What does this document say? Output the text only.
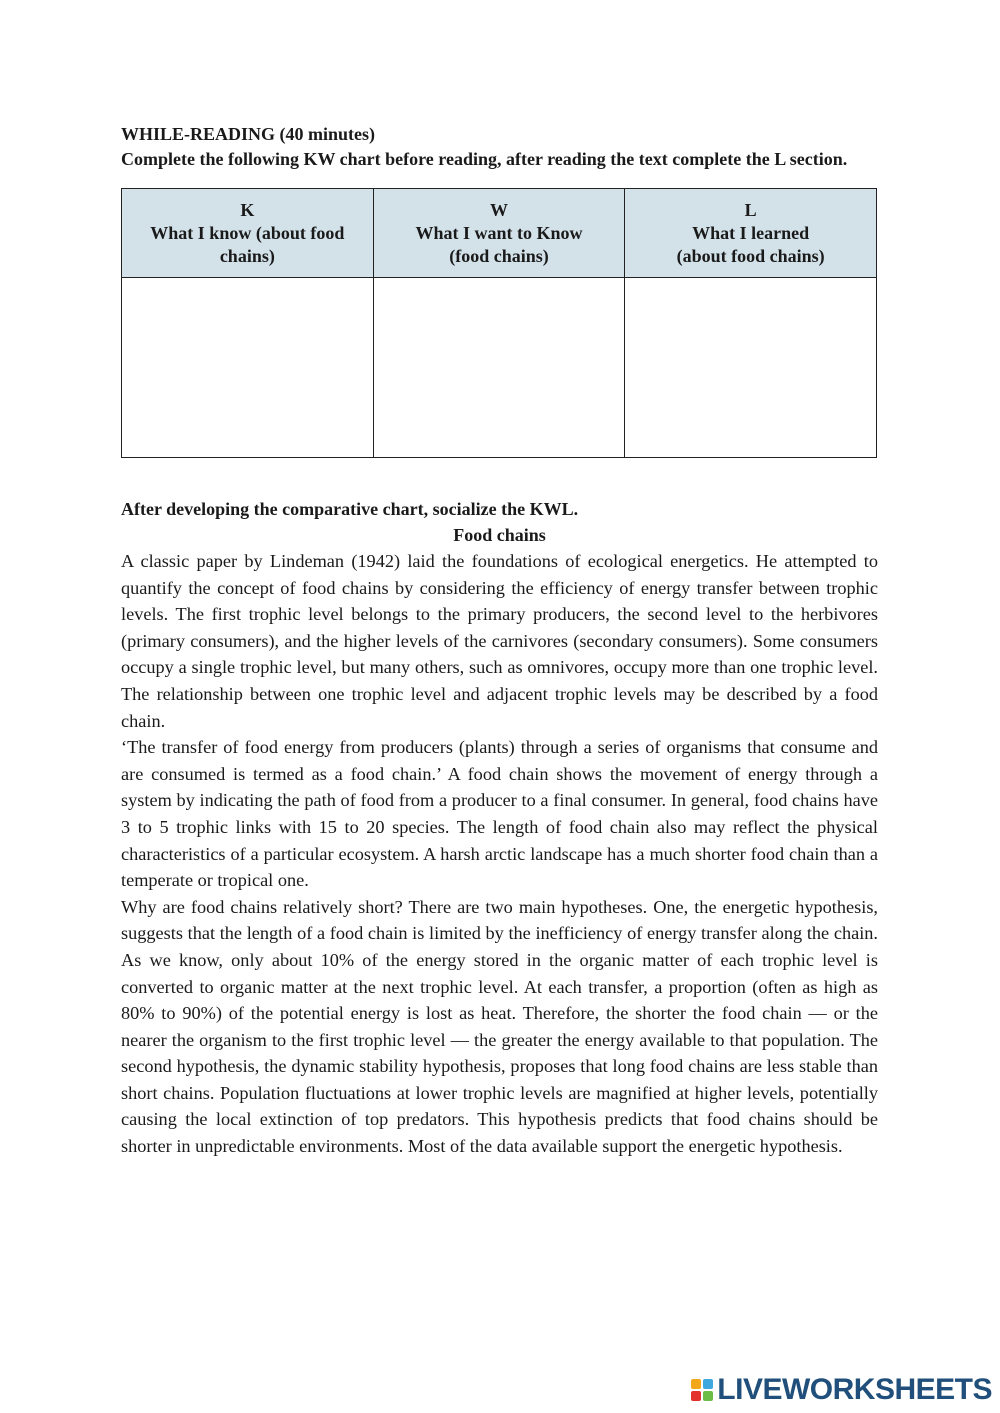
WHILE-READING (40 minutes)

Complete the following KW chart before reading, after reading the text complete the L section.

K
What I know (about food
chains)	W
What I want to Know
(food chains)	L
What I learned
(about food chains)

After developing the comparative chart, socialize the KWL.

Food chains

A classic paper by Lindeman (1942) laid the foundations of ecological energetics. He attempted to quantify the concept of food chains by considering the efficiency of energy transfer between trophic levels. The first trophic level belongs to the primary producers, the second level to the herbivores (primary consumers), and the higher levels of the carnivores (secondary consumers). Some consumers occupy a single trophic level, but many others, such as omnivores, occupy more than one trophic level. The relationship between one trophic level and adjacent trophic levels may be described by a food chain.

‘The transfer of food energy from producers (plants) through a series of organisms that consume and are consumed is termed as a food chain.’ A food chain shows the movement of energy through a system by indicating the path of food from a producer to a final consumer. In general, food chains have 3 to 5 trophic links with 15 to 20 species. The length of food chain also may reflect the physical characteristics of a particular ecosystem. A harsh arctic landscape has a much shorter food chain than a temperate or tropical one.

Why are food chains relatively short? There are two main hypotheses. One, the energetic hypothesis, suggests that the length of a food chain is limited by the inefficiency of energy transfer along the chain. As we know, only about 10% of the energy stored in the organic matter of each trophic level is converted to organic matter at the next trophic level. At each transfer, a proportion (often as high as 80% to 90%) of the potential energy is lost as heat. Therefore, the shorter the food chain — or the nearer the organism to the first trophic level — the greater the energy available to that population. The second hypothesis, the dynamic stability hypothesis, proposes that long food chains are less stable than short chains. Population fluctuations at lower trophic levels are magnified at higher levels, potentially causing the local extinction of top predators. This hypothesis predicts that food chains should be shorter in unpredictable environments. Most of the data available support the energetic hypothesis.

LIVEWORKSHEETS
